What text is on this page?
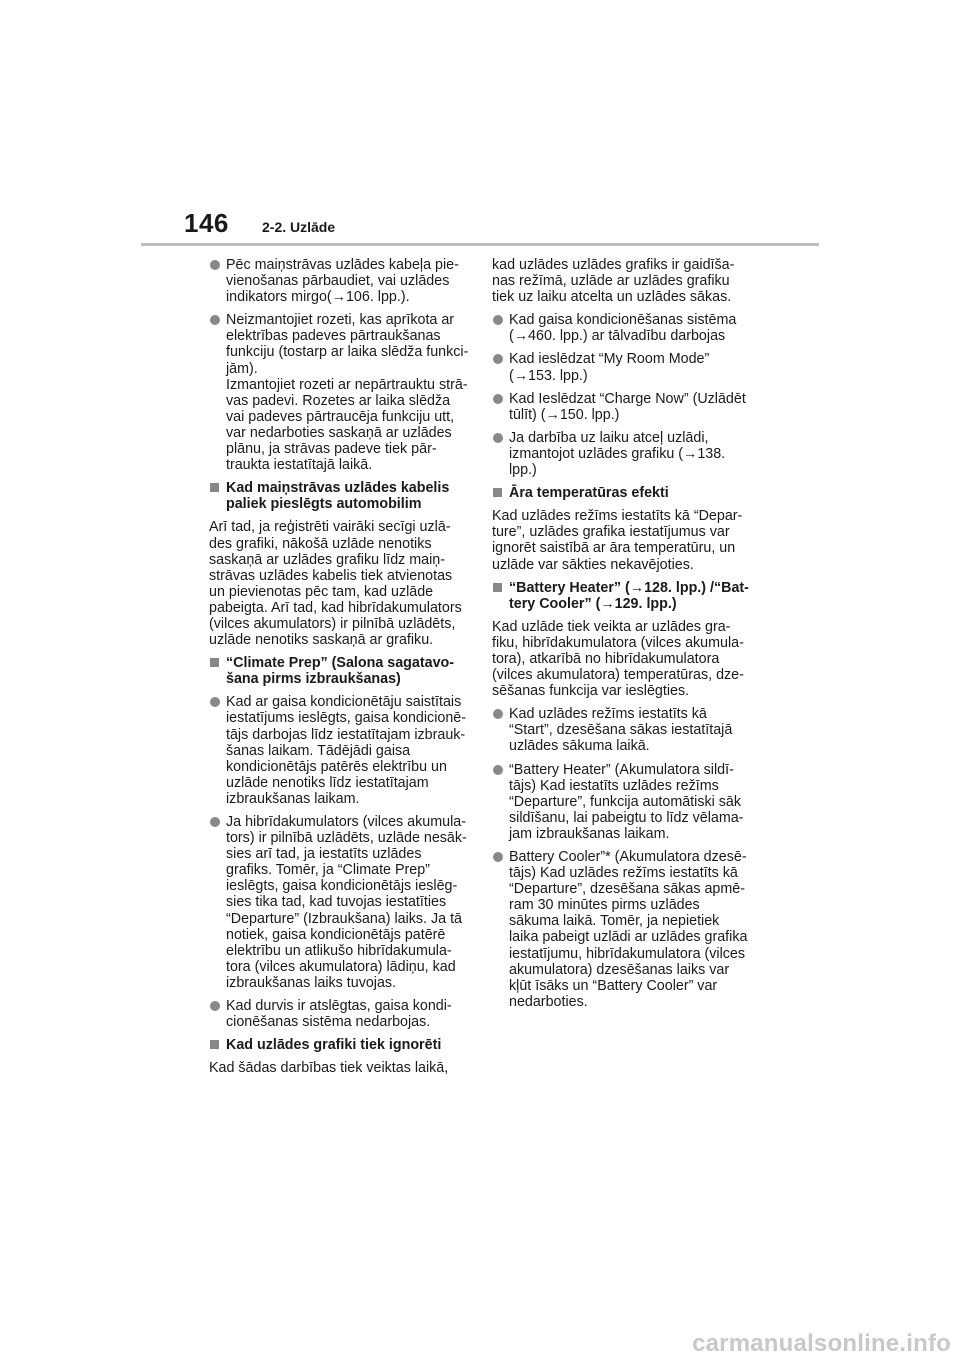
146 2-2. Uzlāde
Pēc maiņstrāvas uzlādes kabeļa pie-
vienošanas pārbaudiet, vai uzlādes
indikators mirgo(→106. lpp.).
Neizmantojiet rozeti, kas aprīkota ar
elektrības padeves pārtraukšanas
funkciju (tostarp ar laika slēdža funkci-
jām).
Izmantojiet rozeti ar nepārtrauktu strā-
vas padevi. Rozetes ar laika slēdža
vai padeves pārtraucēja funkciju utt,
var nedarboties saskaņā ar uzlādes
plānu, ja strāvas padeve tiek pār-
traukta iestatītajā laikā.
Kad maiņstrāvas uzlādes kabelis
paliek pieslēgts automobilim
Arī tad, ja reģistrēti vairāki secīgi uzlā-
des grafiki, nākošā uzlāde nenotiks
saskaņā ar uzlādes grafiku līdz maiņ-
strāvas uzlādes kabelis tiek atvienotas
un pievienotas pēc tam, kad uzlāde
pabeigta. Arī tad, kad hibrīdakumulators
(vilces akumulators) ir pilnībā uzlādēts,
uzlāde nenotiks saskaņā ar grafiku.
“Climate Prep” (Salona sagatavo-
šana pirms izbraukšanas)
Kad ar gaisa kondicionētāju saistītais
iestatījums ieslēgts, gaisa kondicionē-
tājs darbojas līdz iestatītajam izbrauk-
šanas laikam. Tādējādi gaisa
kondicionētājs patērēs elektrību un
uzlāde nenotiks līdz iestatītajam
izbraukšanas laikam.
Ja hibrīdakumulators (vilces akumula-
tors) ir pilnībā uzlādēts, uzlāde nesāk-
sies arī tad, ja iestatīts uzlādes
grafiks. Tomēr, ja “Climate Prep”
ieslēgts, gaisa kondicionētājs ieslēg-
sies tika tad, kad tuvojas iestatīties
“Departure” (Izbraukšana) laiks. Ja tā
notiek, gaisa kondicionētājs patērē
elektrību un atlikušo hibrīdakumula-
tora (vilces akumulatora) lādiņu, kad
izbraukšanas laiks tuvojas.
Kad durvis ir atslēgtas, gaisa kondi-
cionēšanas sistēma nedarbojas.
Kad uzlādes grafiki tiek ignorēti
Kad šādas darbības tiek veiktas laikā,
kad uzlādes uzlādes grafiks ir gaidīša-
nas režīmā, uzlāde ar uzlādes grafiku
tiek uz laiku atcelta un uzlādes sākas.
Kad gaisa kondicionēšanas sistēma
(→460. lpp.) ar tālvadību darbojas
Kad ieslēdzat “My Room Mode”
(→153. lpp.)
Kad Ieslēdzat “Charge Now” (Uzlādēt
tūlīt) (→150. lpp.)
Ja darbība uz laiku atceļ uzlādi,
izmantojot uzlādes grafiku (→138.
lpp.)
Āra temperatūras efekti
Kad uzlādes režīms iestatīts kā “Depar-
ture”, uzlādes grafika iestatījumus var
ignorēt saistībā ar āra temperatūru, un
uzlāde var sākties nekavējoties.
“Battery Heater” (→128. lpp.) /“Bat-
tery Cooler” (→129. lpp.)
Kad uzlāde tiek veikta ar uzlādes gra-
fiku, hibrīdakumulatora (vilces akumula-
tora), atkarībā no hibrīdakumulatora
(vilces akumulatora) temperatūras, dze-
sēšanas funkcija var ieslēgties.
Kad uzlādes režīms iestatīts kā
“Start”, dzesēšana sākas iestatītajā
uzlādes sākuma laikā.
“Battery Heater” (Akumulatora sildī-
tājs) Kad iestatīts uzlādes režīms
“Departure”, funkcija automātiski sāk
sildīšanu, lai pabeigtu to līdz vēlama-
jam izbraukšanas laikam.
Battery Cooler”* (Akumulatora dzesē-
tājs) Kad uzlādes režīms iestatīts kā
“Departure”, dzesēšana sākas apmē-
ram 30 minūtes pirms uzlādes
sākuma laikā. Tomēr, ja nepietiek
laika pabeigt uzlādi ar uzlādes grafika
iestatījumu, hibrīdakumulatora (vilces
akumulatora) dzesēšanas laiks var
kļūt īsāks un “Battery Cooler” var
nedarboties.
carmanualsonline.info
